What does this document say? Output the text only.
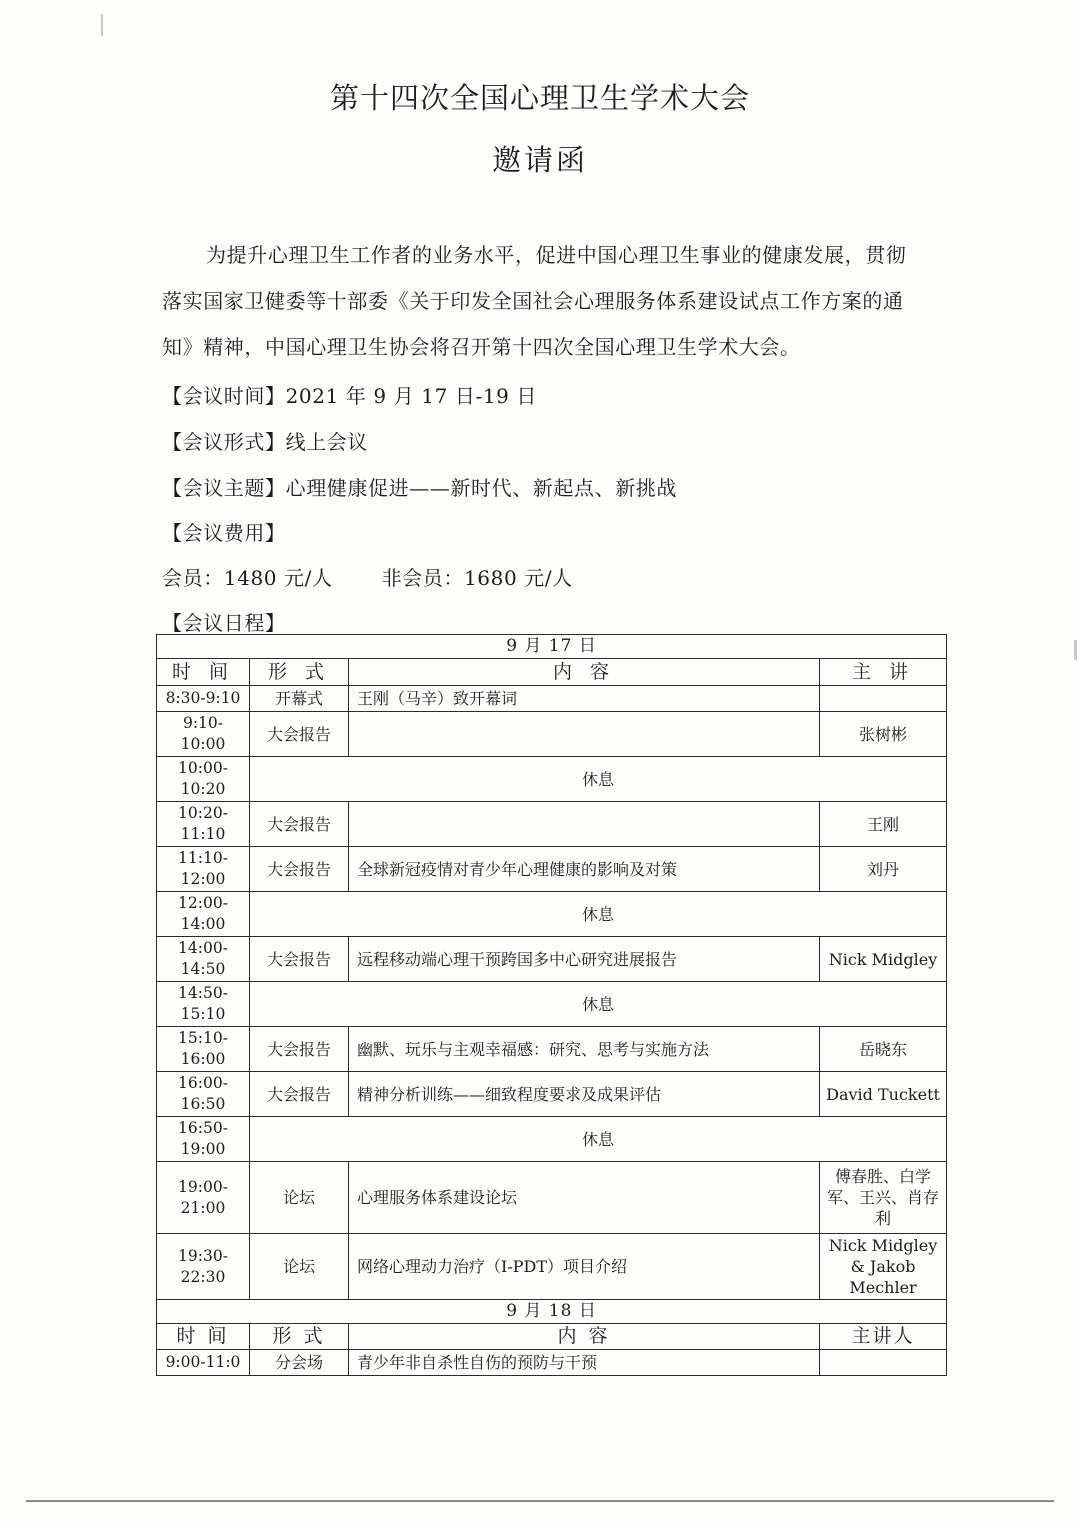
第十四次全国心理卫生学术大会
邀请函

为提升心理卫生工作者的业务水平，促进中国心理卫生事业的健康发展，贯彻

落实国家卫健委等十部委《关于印发全国社会心理服务体系建设试点工作方案的通

知》精神，中国心理卫生协会将召开第十四次全国心理卫生学术大会。

【会议时间】2021 年 9 月 17 日-19 日
【会议形式】线上会议
【会议主题】心理健康促进——新时代、新起点、新挑战
【会议费用】
会员：1480 元/人 非会员：1680 元/人
【会议日程】
9 月 17 日			
时 间	形 式	内 容	主 讲
8:30-9:10	开幕式	王刚（马辛）致开幕词	
9:10-10:00	大会报告		张树彬
10:00-10:20	休息		
10:20-11:10	大会报告		王刚
11:10-12:00	大会报告	全球新冠疫情对青少年心理健康的影响及对策	刘丹
12:00-14:00	休息		
14:00-14:50	大会报告	远程移动端心理干预跨国多中心研究进展报告	Nick Midgley
14:50-15:10	休息		
15:10-16:00	大会报告	幽默、玩乐与主观幸福感：研究、思考与实施方法	岳晓东
16:00-16:50	大会报告	精神分析训练——细致程度要求及成果评估	David Tuckett
16:50-19:00	休息		
19:00-21:00	论坛	心理服务体系建设论坛	傅春胜、白学军、王兴、肖存利
19:30-22:30	论坛	网络心理动力治疗（I-PDT）项目介绍	Nick Midgley & Jakob Mechler
9 月 18 日			
时 间	形 式	内 容	主讲人
9:00-11:0	分会场	青少年非自杀性自伤的预防与干预	
